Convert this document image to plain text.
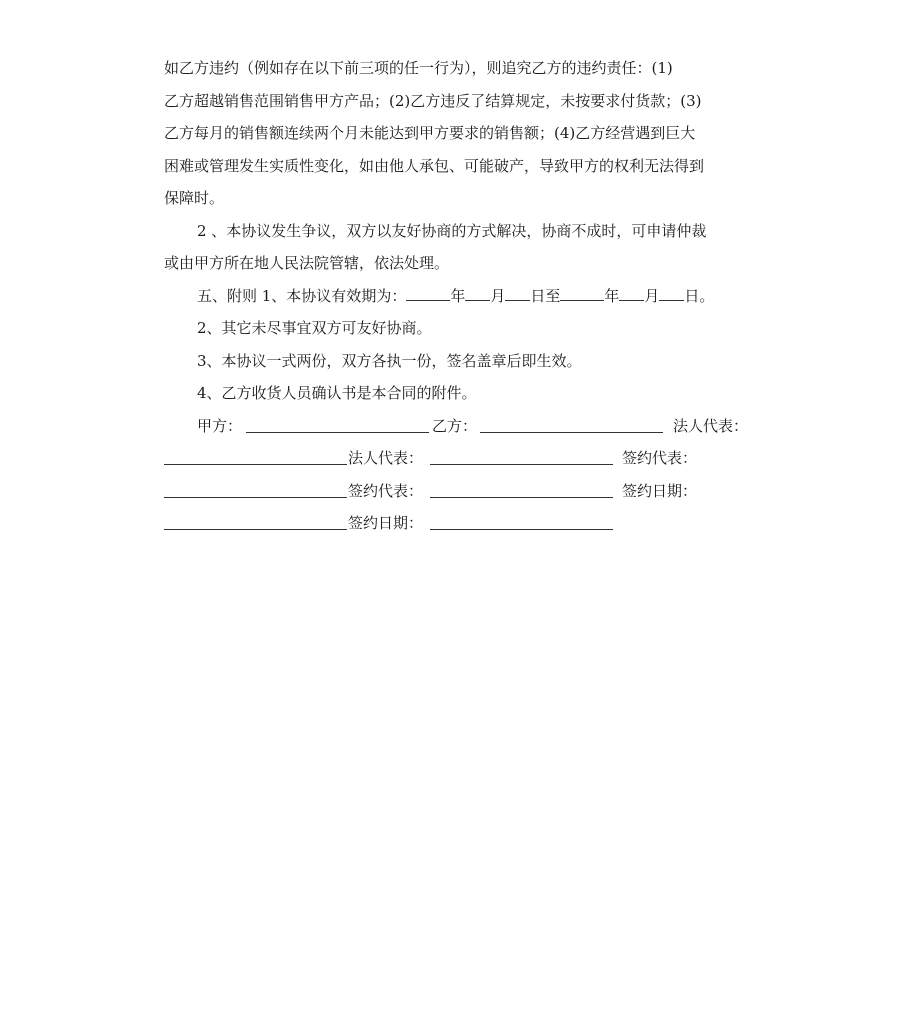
如乙方违约（例如存在以下前三项的任一行为），则追究乙方的违约责任：(1)
乙方超越销售范围销售甲方产品；(2)乙方违反了结算规定，未按要求付货款；(3)
乙方每月的销售额连续两个月未能达到甲方要求的销售额；(4)乙方经营遇到巨大
困难或管理发生实质性变化，如由他人承包、可能破产，导致甲方的权利无法得到
保障时。
2 、本协议发生争议，双方以友好协商的方式解决，协商不成时，可申请仲裁
或由甲方所在地人民法院管辖，依法处理。
五、附则 1、本协议有效期为：	年 月 日至	年 月 日。
2、其它未尽事宜双方可友好协商。
3、本协议一式两份，双方各执一份，签名盖章后即生效。
4、乙方收货人员确认书是本合同的附件。
甲方：	乙方：	法人代表：
法人代表：	签约代表：
签约代表：	签约日期：
签约日期：
